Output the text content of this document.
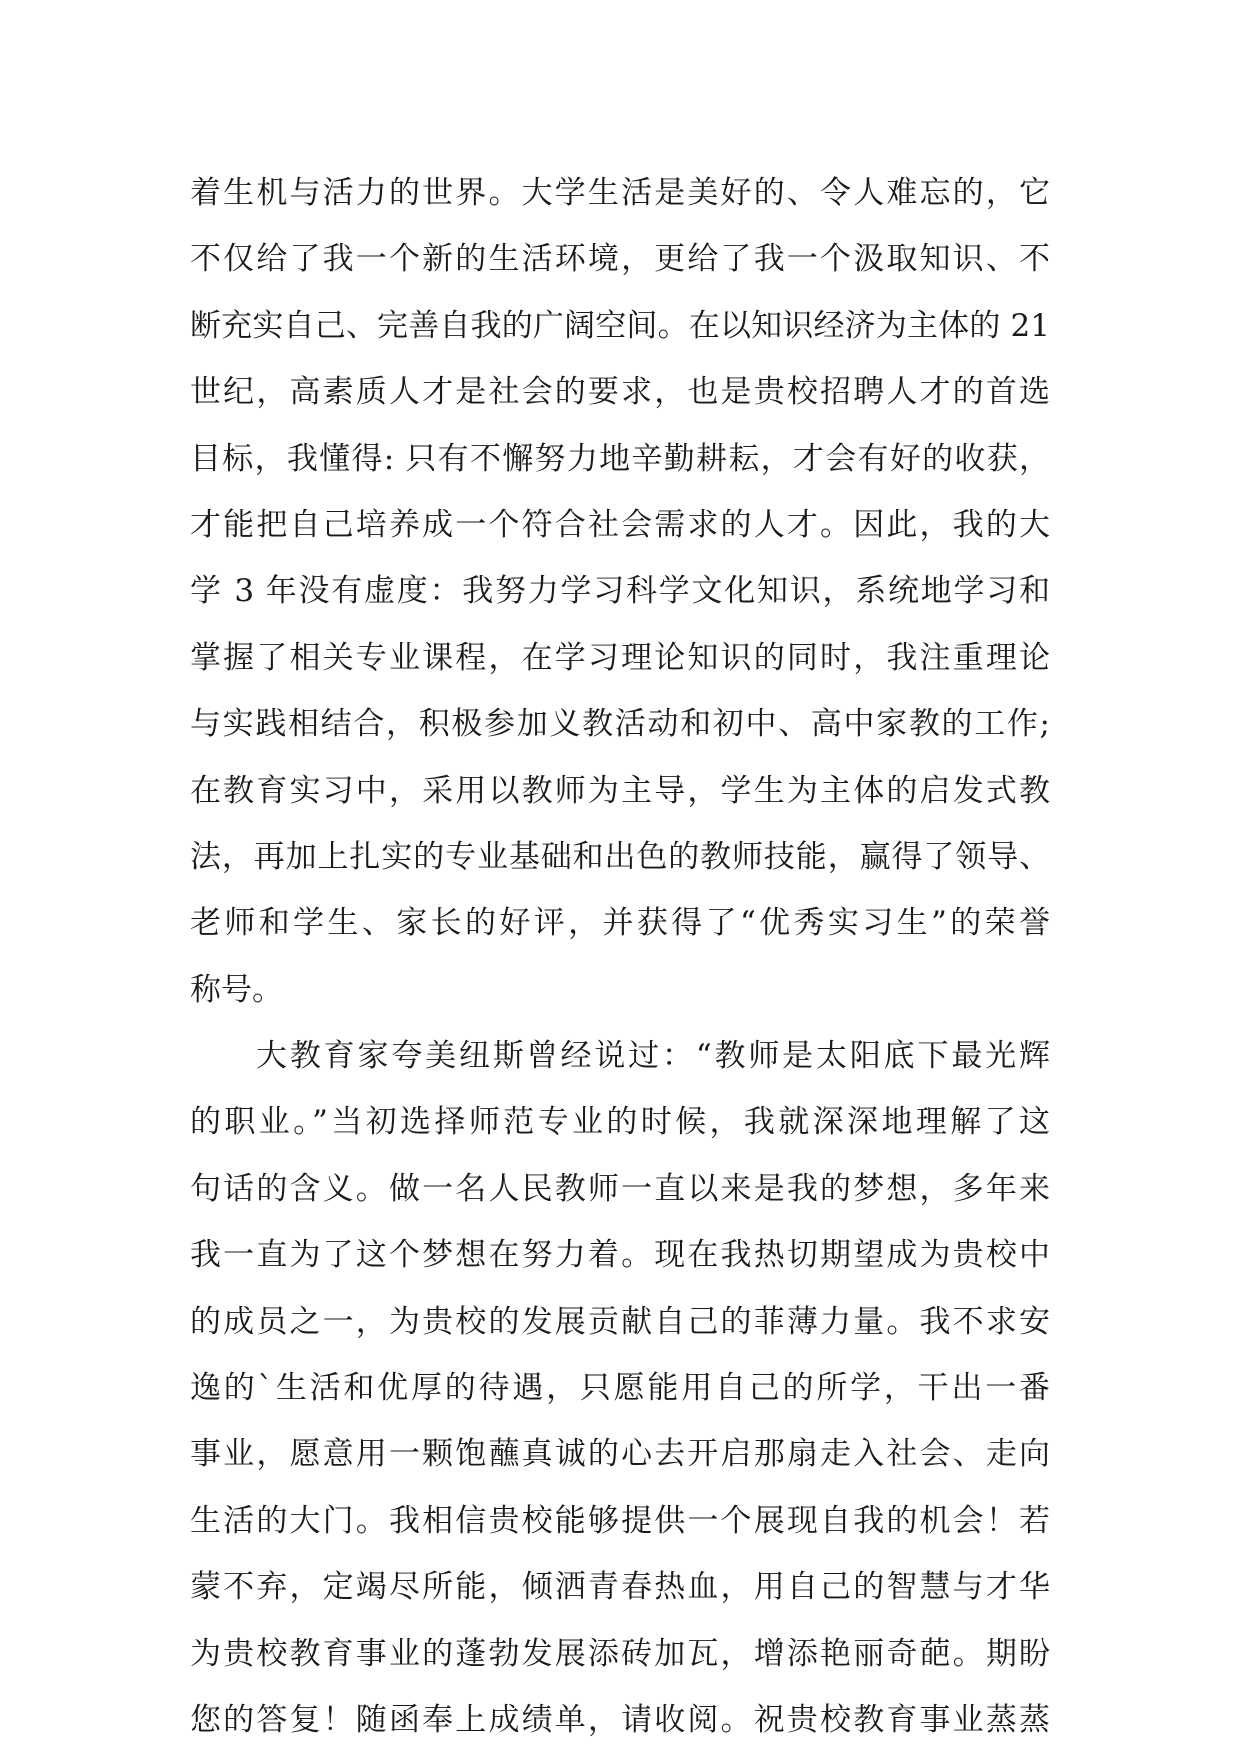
着生机与活力的世界。大学生活是美好的、令人难忘的，它
不仅给了我一个新的生活环境，更给了我一个汲取知识、不
断充实自己、完善自我的广阔空间。在以知识经济为主体的 21
世纪，高素质人才是社会的要求，也是贵校招聘人才的首选
目标，我懂得: 只有不懈努力地辛勤耕耘，才会有好的收获，
才能把自己培养成一个符合社会需求的人才。因此，我的大
学 3 年没有虚度：我努力学习科学文化知识，系统地学习和
掌握了相关专业课程，在学习理论知识的同时，我注重理论
与实践相结合，积极参加义教活动和初中、高中家教的工作;
在教育实习中，采用以教师为主导，学生为主体的启发式教
法，再加上扎实的专业基础和出色的教师技能，赢得了领导、
老师和学生、家长的好评，并获得了“优秀实习生”的荣誉
称号。
大教育家夸美纽斯曾经说过：“教师是太阳底下最光辉
的职业。”当初选择师范专业的时候，我就深深地理解了这
句话的含义。做一名人民教师一直以来是我的梦想，多年来
我一直为了这个梦想在努力着。现在我热切期望成为贵校中
的成员之一，为贵校的发展贡献自己的菲薄力量。我不求安
逸的`生活和优厚的待遇，只愿能用自己的所学，干出一番
事业，愿意用一颗饱蘸真诚的心去开启那扇走入社会、走向
生活的大门。我相信贵校能够提供一个展现自我的机会！若
蒙不弃，定竭尽所能，倾洒青春热血，用自己的智慧与才华
为贵校教育事业的蓬勃发展添砖加瓦，增添艳丽奇葩。期盼
您的答复！随函奉上成绩单，请收阅。祝贵校教育事业蒸蒸
